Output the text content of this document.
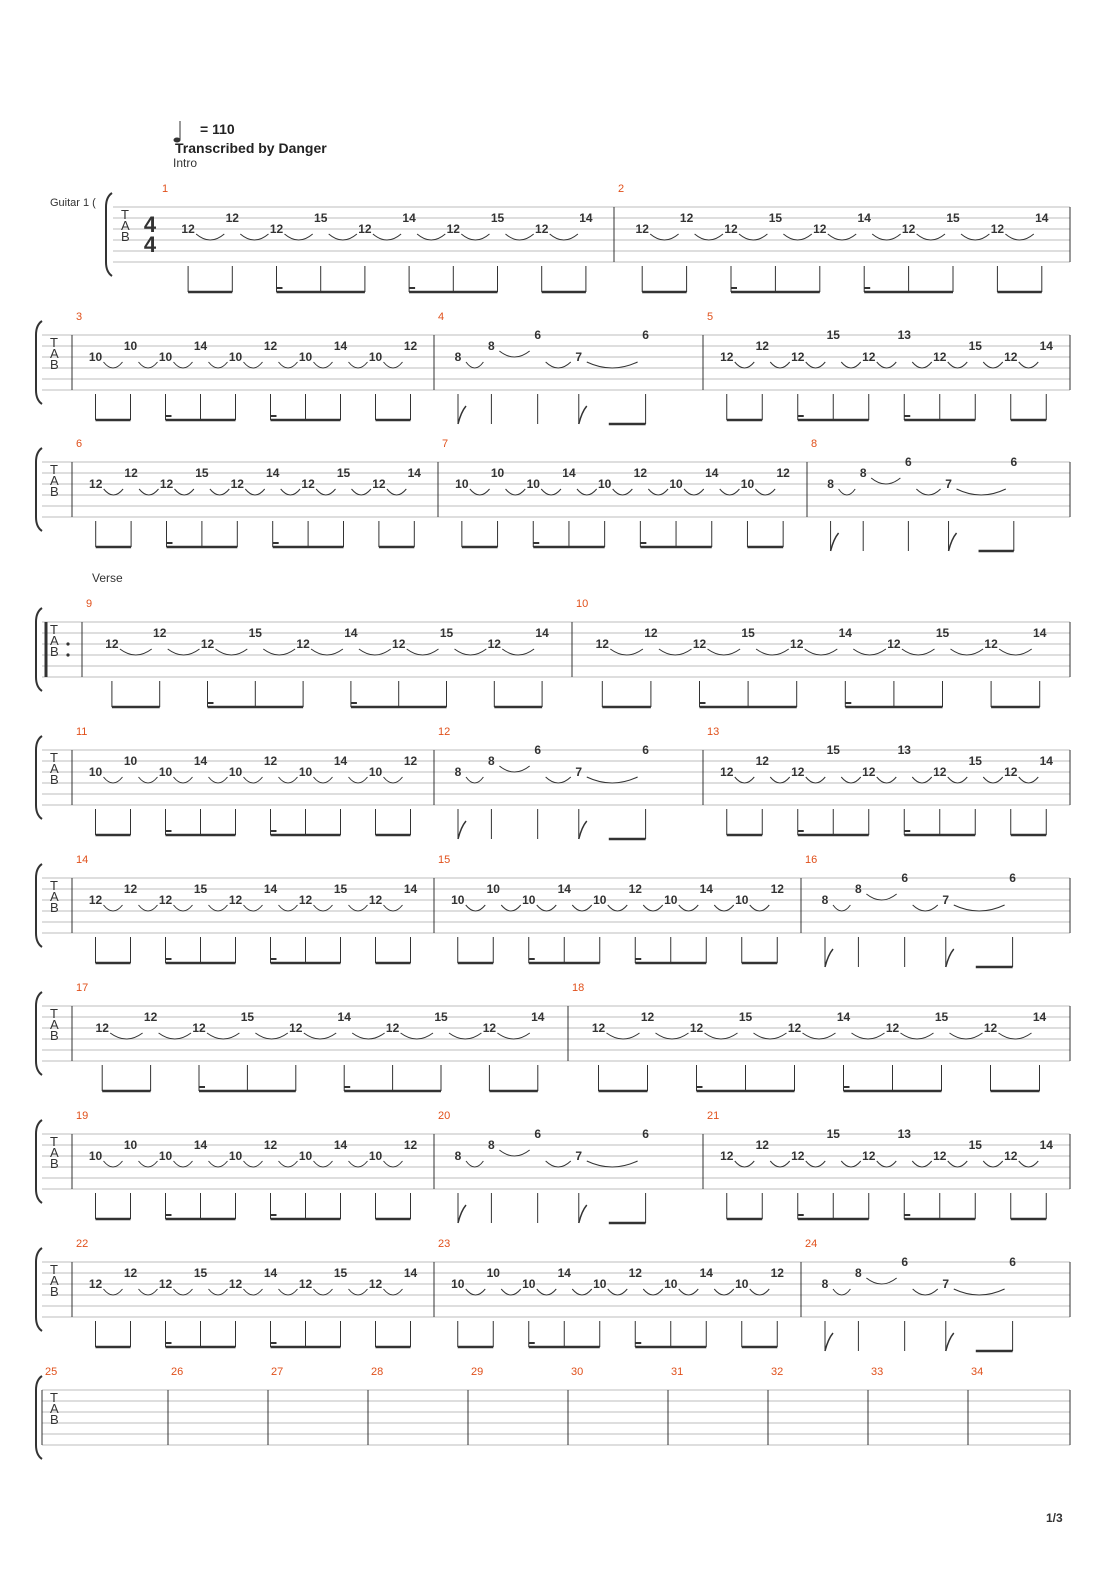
= 110
Transcribed by Danger
Intro
Verse
Guitar 1 (
1/3
T
A
B 4
4
1
12
12
12
15
12
14
12
15
12
14
2
12
12
12
15
12
14
12
15
12
14
T
A
B
3
10
10
10
14
10
12
10
14
10
12
4
8
8
6
7
6
5
12
12
12
15
12
13
12
15
12
14
T
A
B
6
12
12
12
15
12
14
12
15
12
14
7
10
10
10
14
10
12
10
14
10
12
8
8
8
6
7
6
T
A
B
9
12
12
12
15
12
14
12
15
12
14
10
12
12
12
15
12
14
12
15
12
14
T
A
B
11
10
10
10
14
10
12
10
14
10
12
12
8
8
6
7
6
13
12
12
12
15
12
13
12
15
12
14
T
A
B
14
12
12
12
15
12
14
12
15
12
14
15
10
10
10
14
10
12
10
14
10
12
16
8
8
6
7
6
T
A
B
17
12
12
12
15
12
14
12
15
12
14
18
12
12
12
15
12
14
12
15
12
14
T
A
B
19
10
10
10
14
10
12
10
14
10
12
20
8
8
6
7
6
21
12
12
12
15
12
13
12
15
12
14
T
A
B
22
12
12
12
15
12
14
12
15
12
14
23
10
10
10
14
10
12
10
14
10
12
24
8
8
6
7
6
T
A
B
25	26	27	28	29	30	31	32	33	34
